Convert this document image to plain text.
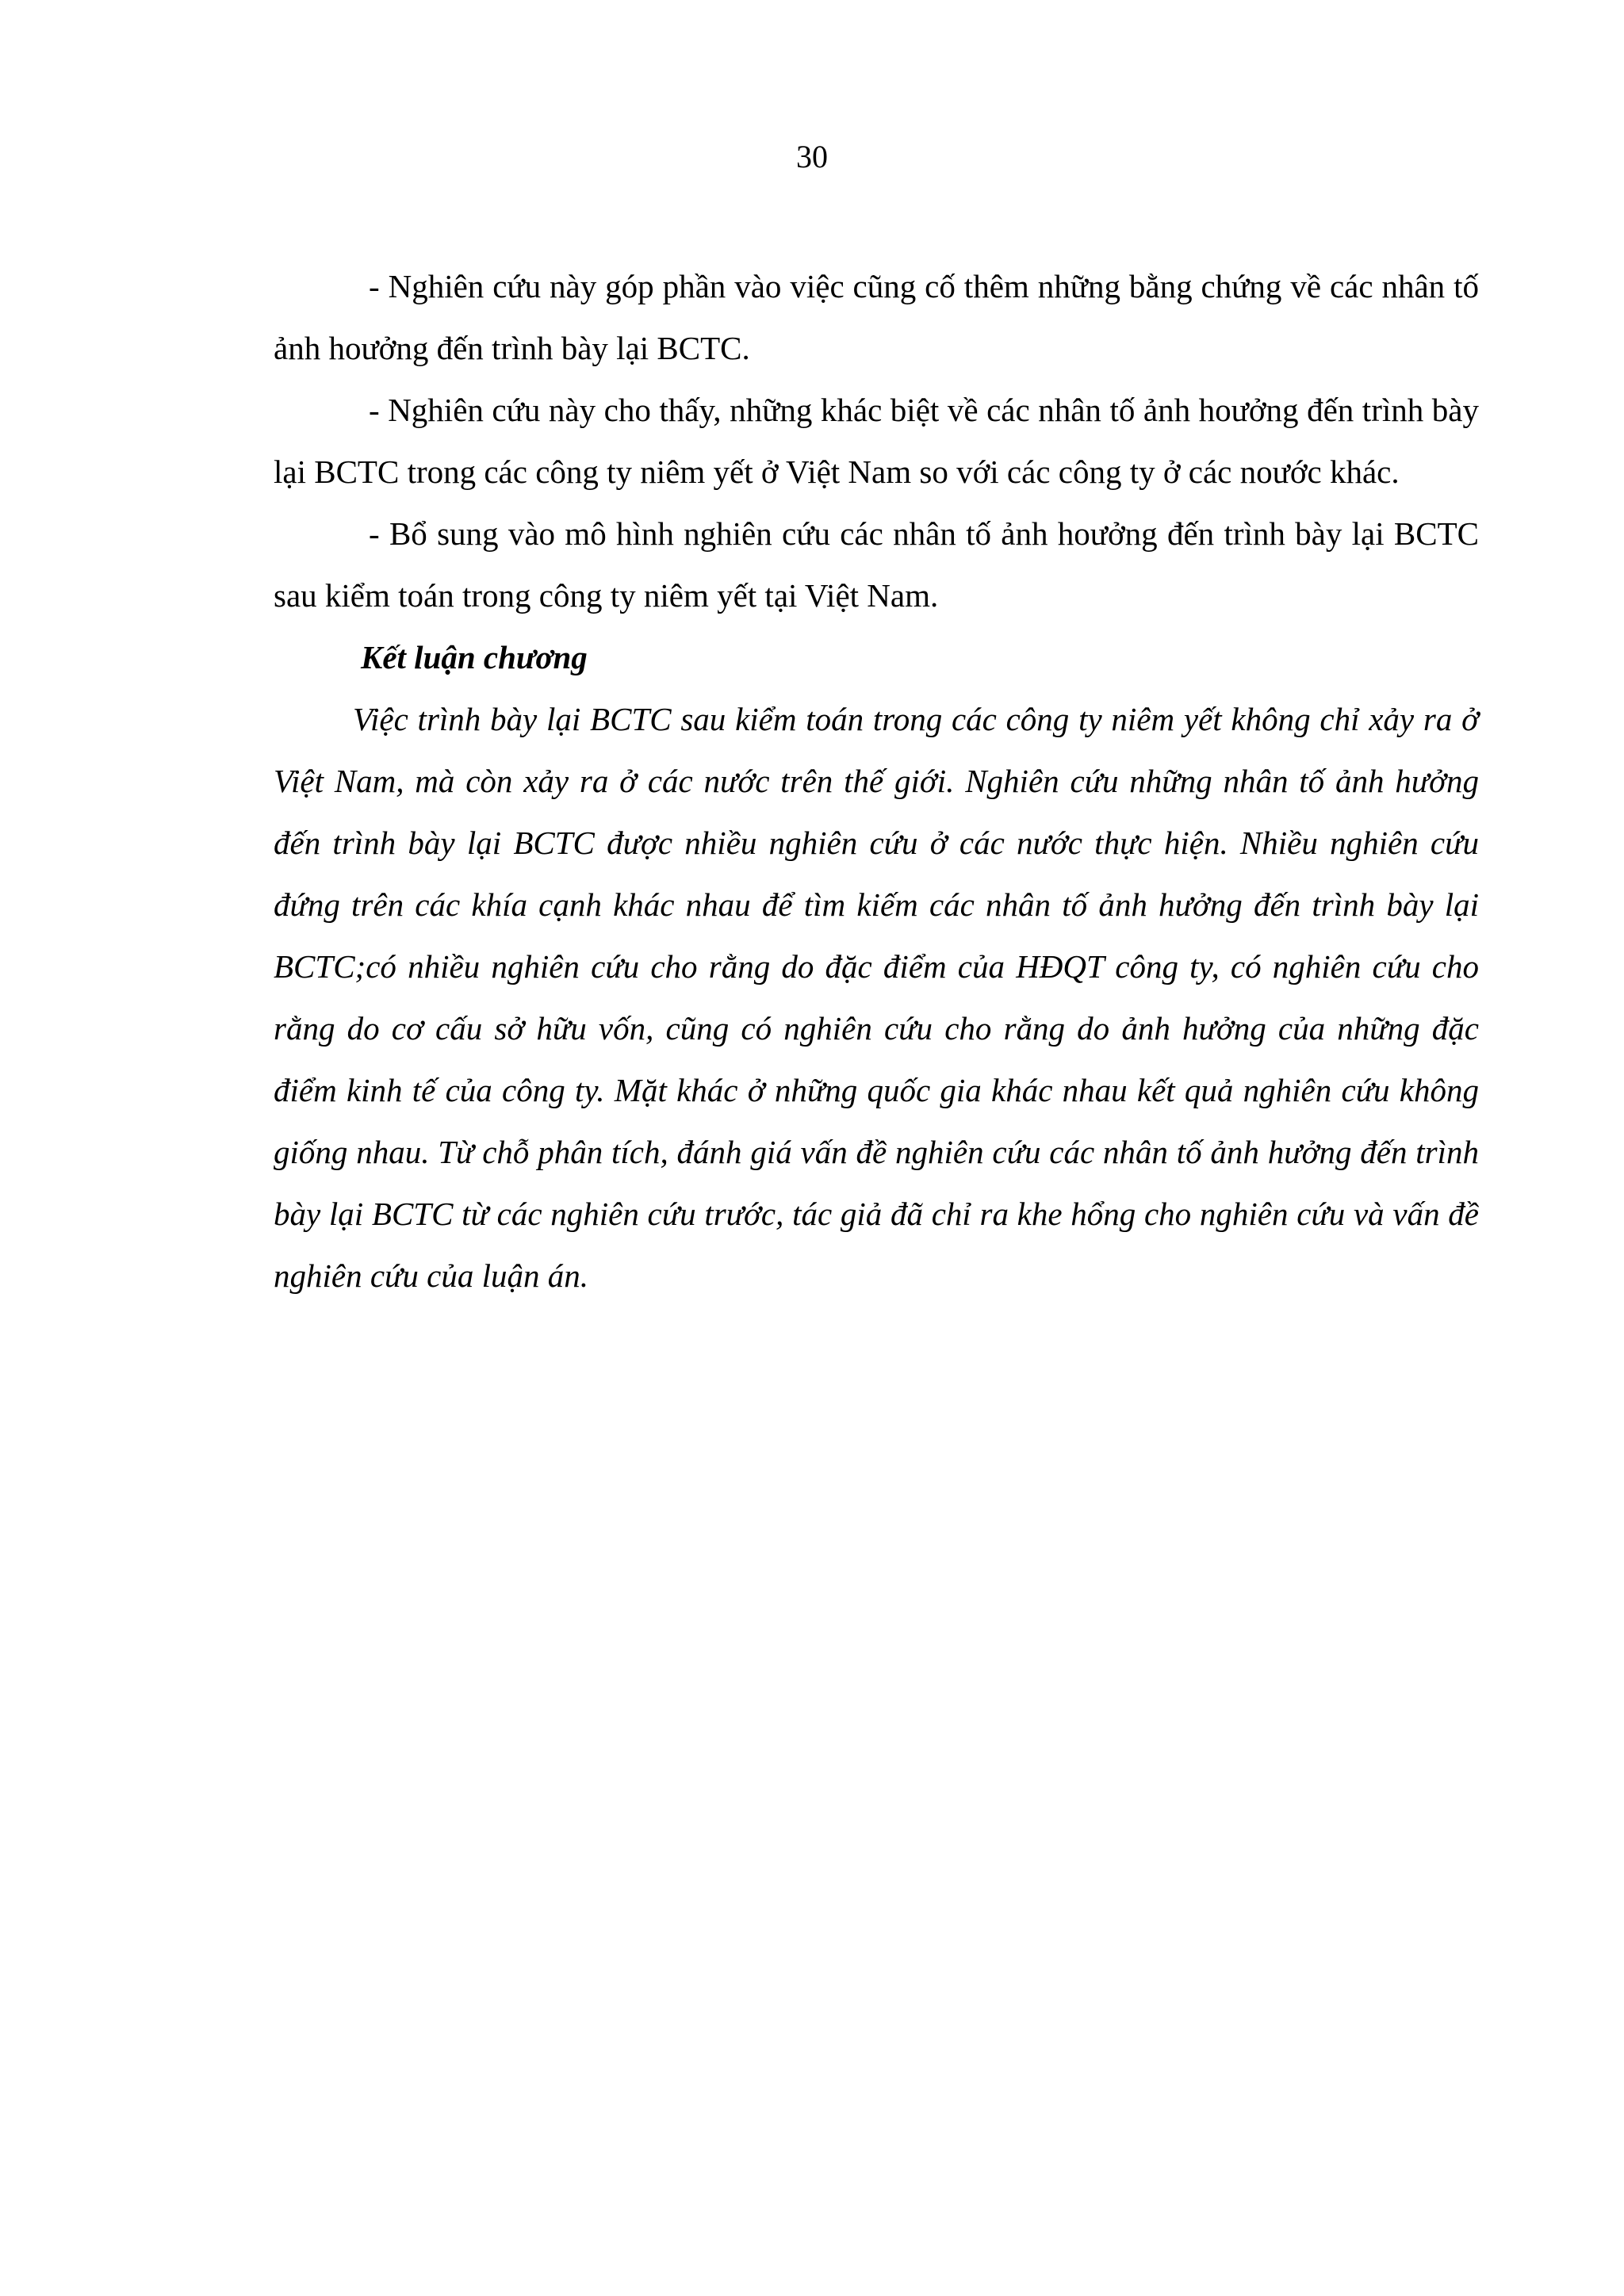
30

- Nghiên cứu này góp phần vào việc cũng cố thêm những bằng chứng về các nhân tố ảnh hoưởng đến trình bày lại BCTC.

- Nghiên cứu này cho thấy, những khác biệt về các nhân tố ảnh hoưởng đến trình bày lại BCTC trong các công ty niêm yết ở Việt Nam so với các công ty ở các noước khác.

- Bổ sung vào mô hình nghiên cứu các nhân tố ảnh hoưởng đến trình bày lại BCTC sau kiểm toán trong công ty niêm yết tại Việt Nam.

Kết luận chương

Việc trình bày lại BCTC sau kiểm toán trong các công ty niêm yết không chỉ xảy ra ở Việt Nam, mà còn xảy ra ở các nước trên thế giới. Nghiên cứu những nhân tố ảnh hưởng đến trình bày lại BCTC được nhiều nghiên cứu ở các nước thực hiện. Nhiều nghiên cứu đứng trên các khía cạnh khác nhau để tìm kiếm các nhân tố ảnh hưởng đến trình bày lại BCTC;có nhiều nghiên cứu cho rằng do đặc điểm của HĐQT công ty, có nghiên cứu cho rằng do cơ cấu sở hữu vốn, cũng có nghiên cứu cho rằng do ảnh hưởng của những đặc điểm kinh tế của công ty. Mặt khác ở những quốc gia khác nhau kết quả nghiên cứu không giống nhau. Từ chỗ phân tích, đánh giá vấn đề nghiên cứu các nhân tố ảnh hưởng đến trình bày lại BCTC từ các nghiên cứu trước, tác giả đã chỉ ra khe hổng cho nghiên cứu và vấn đề nghiên cứu của luận án.
